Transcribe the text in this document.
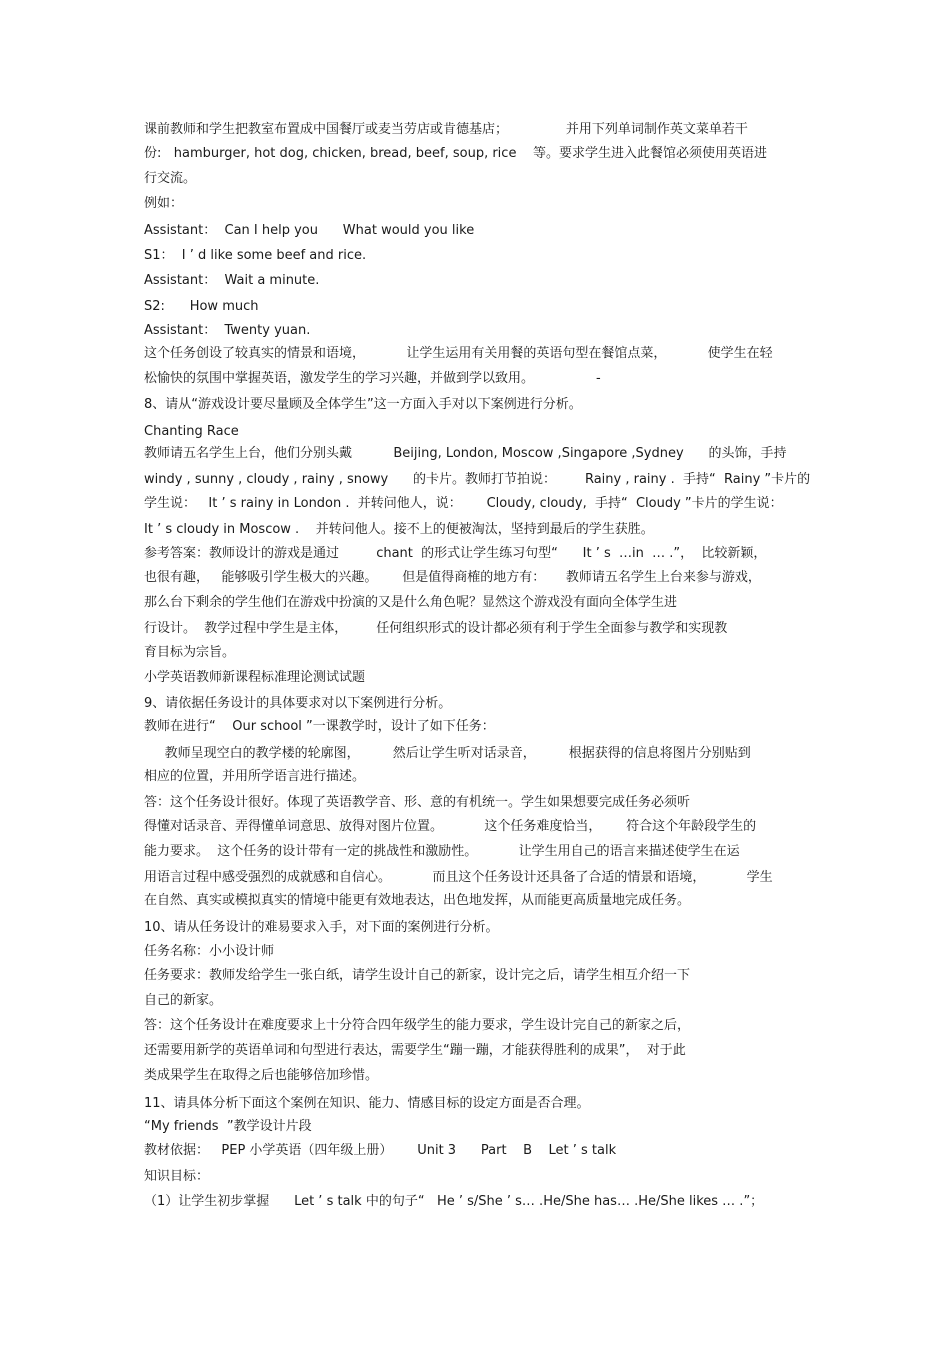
课前教师和学生把教室布置成中国餐厅或麦当劳店或肯德基店；              并用下列单词制作英文菜单若干
份:   hamburger, hot dog, chicken, bread, beef, soup, rice    等。要求学生进入此餐馆必须使用英语进
行交流。
例如：
Assistant：  Can I help you      What would you like
S1：  I ’ d like some beef and rice.
Assistant：  Wait a minute.
S2:      How much
Assistant：  Twenty yuan.
这个任务创设了较真实的情景和语境，          让学生运用有关用餐的英语句型在餐馆点菜，          使学生在轻
松愉快的氛围中掌握英语，激发学生的学习兴趣，并做到学以致用。               -
8、请从“游戏设计要尽量顾及全体学生”这一方面入手对以下案例进行分析。
Chanting Race
教师请五名学生上台，他们分别头戴          Beijing, London, Moscow ,Singapore ,Sydney      的头饰，手持
windy , sunny , cloudy , rainy , snowy      的卡片。教师打节拍说：       Rainy , rainy .  手持“  Rainy ”卡片的
学生说：   It ’ s rainy in London .  并转问他人，说：      Cloudy, cloudy,  手持“  Cloudy ”卡片的学生说：
It ’ s cloudy in Moscow .    并转问他人。接不上的便被淘汰，坚持到最后的学生获胜。
参考答案：教师设计的游戏是通过         chant  的形式让学生练习句型“      It ’ s  …in  … .”，  比较新颖，
也很有趣，   能够吸引学生极大的兴趣。      但是值得商榷的地方有：     教师请五名学生上台来参与游戏，
那么台下剩余的学生他们在游戏中扮演的又是什么角色呢？显然这个游戏没有面向全体学生进
行设计。  教学过程中学生是主体，       任何组织形式的设计都必须有利于学生全面参与教学和实现教
育目标为宗旨。
小学英语教师新课程标准理论测试试题
9、请依据任务设计的具体要求对以下案例进行分析。
教师在进行“    Our school ”一课教学时，设计了如下任务：
教师呈现空白的教学楼的轮廓图，        然后让学生听对话录音，        根据获得的信息将图片分别贴到
相应的位置，并用所学语言进行描述。
答：这个任务设计很好。体现了英语教学音、形、意的有机统一。学生如果想要完成任务必须听
得懂对话录音、弄得懂单词意思、放得对图片位置。          这个任务难度恰当，      符合这个年龄段学生的
能力要求。  这个任务的设计带有一定的挑战性和激励性。          让学生用自己的语言来描述使学生在运
用语言过程中感受强烈的成就感和自信心。          而且这个任务设计还具备了合适的情景和语境，          学生
在自然、真实或模拟真实的情境中能更有效地表达，出色地发挥，从而能更高质量地完成任务。
10、请从任务设计的难易要求入手，对下面的案例进行分析。
任务名称：小小设计师
任务要求：教师发给学生一张白纸，请学生设计自己的新家，设计完之后，请学生相互介绍一下
自己的新家。
答：这个任务设计在难度要求上十分符合四年级学生的能力要求，学生设计完自己的新家之后，
还需要用新学的英语单词和句型进行表达，需要学生“蹦一蹦，才能获得胜利的成果”，  对于此
类成果学生在取得之后也能够倍加珍惜。
11、请具体分析下面这个案例在知识、能力、情感目标的设定方面是否合理。
“My friends  ”教学设计片段
教材依据：   PEP 小学英语（四年级上册）      Unit 3      Part    B    Let ’ s talk
知识目标：
（1）让学生初步掌握      Let ’ s talk 中的句子“   He ’ s/She ’ s… .He/She has… .He/She likes … .”；
